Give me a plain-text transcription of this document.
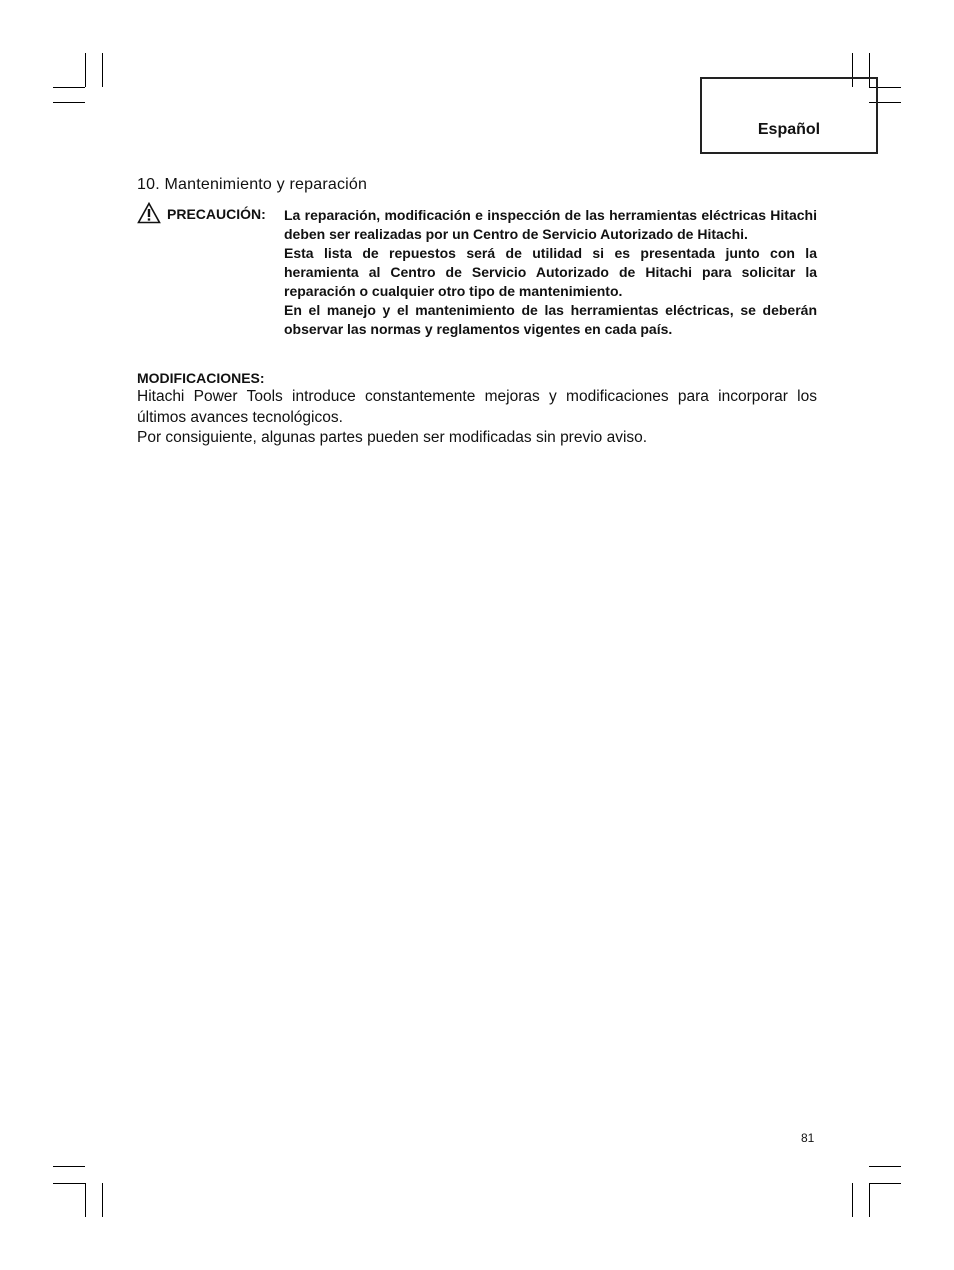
Español
10. Mantenimiento y reparación
PRECAUCIÓN: La reparación, modificación e inspección de las herramientas eléctricas Hitachi deben ser realizadas por un Centro de Servicio Autorizado de Hitachi.

Esta lista de repuestos será de utilidad si es presentada junto con la heramienta al Centro de Servicio Autorizado de Hitachi para solicitar la reparación o cualquier otro tipo de mantenimiento.

En el manejo y el mantenimiento de las herramientas eléctricas, se deberán observar las normas y reglamentos vigentes en cada país.

MODIFICACIONES:

Hitachi Power Tools introduce constantemente mejoras y modificaciones para incorporar los últimos avances tecnológicos.

Por consiguiente, algunas partes pueden ser modificadas sin previo aviso.

81
